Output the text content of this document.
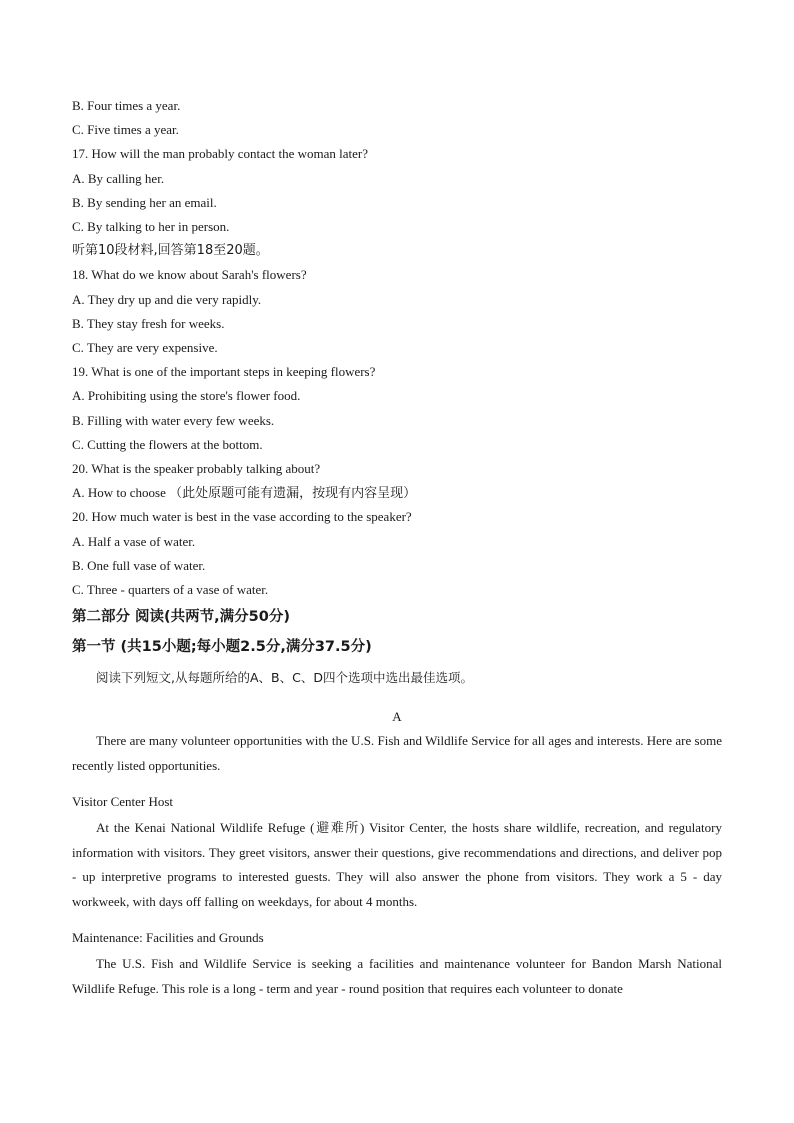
B. Four times a year.
C. Five times a year.
17. How will the man probably contact the woman later?
A. By calling her.
B. By sending her an email.
C. By talking to her in person.
听第10段材料,回答第18至20题。
18. What do we know about Sarah's flowers?
A. They dry up and die very rapidly.
B. They stay fresh for weeks.
C. They are very expensive.
19. What is one of the important steps in keeping flowers?
A. Prohibiting using the store's flower food.
B. Filling with water every few weeks.
C. Cutting the flowers at the bottom.
20. What is the speaker probably talking about?
A. How to choose （此处原题可能有遗漏，按现有内容呈现）
20. How much water is best in the vase according to the speaker?
A. Half a vase of water.
B. One full vase of water.
C. Three - quarters of a vase of water.
第二部分 阅读(共两节,满分50分)
第一节 (共15小题;每小题2.5分,满分37.5分)
阅读下列短文,从每题所给的A、B、C、D四个选项中选出最佳选项。
A
There are many volunteer opportunities with the U.S. Fish and Wildlife Service for all ages and interests. Here are some recently listed opportunities.
Visitor Center Host
At the Kenai National Wildlife Refuge (避难所) Visitor Center, the hosts share wildlife, recreation, and regulatory information with visitors. They greet visitors, answer their questions, give recommendations and directions, and deliver pop - up interpretive programs to interested guests. They will also answer the phone from visitors. They work a 5 - day workweek, with days off falling on weekdays, for about 4 months.
Maintenance: Facilities and Grounds
The U.S. Fish and Wildlife Service is seeking a facilities and maintenance volunteer for Bandon Marsh National Wildlife Refuge. This role is a long - term and year - round position that requires each volunteer to donate
